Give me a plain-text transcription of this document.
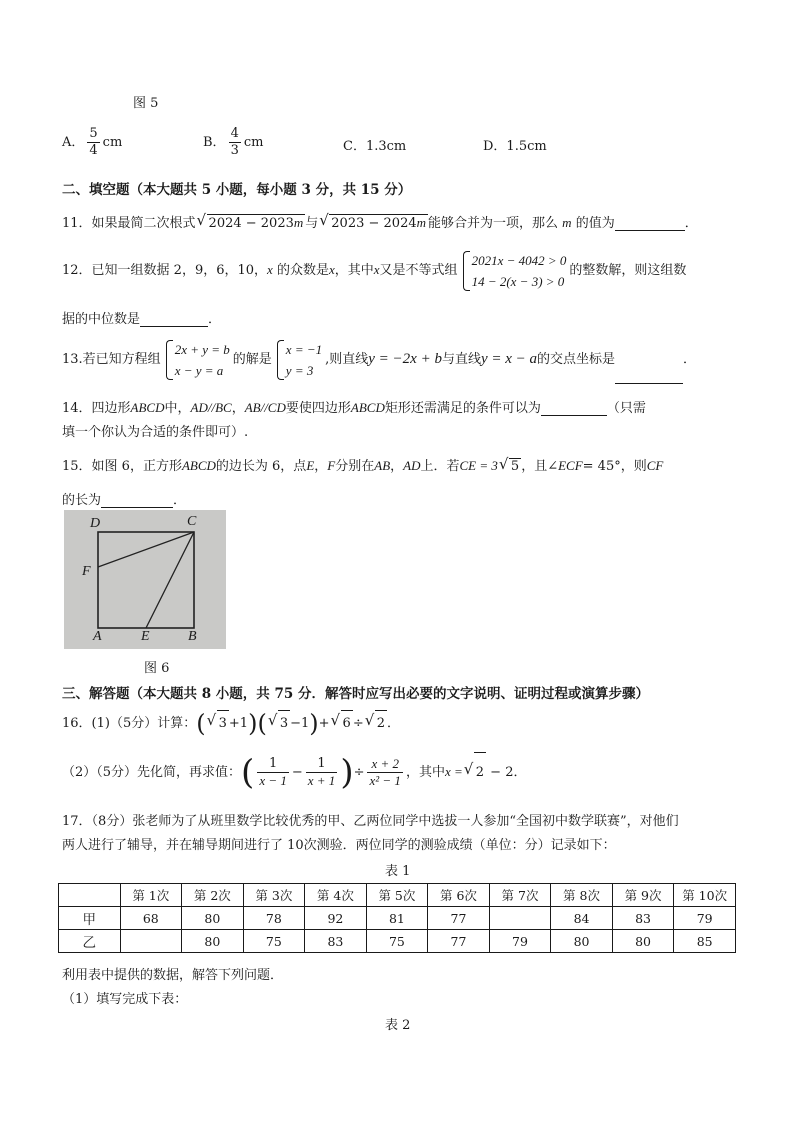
图 5
A． $\frac{5}{4}$ cm	B． $\frac{4}{3}$ cm	C．1.3cm	D．1.5cm
二、填空题（本大题共 5 小题，每小题 3 分，共 15 分）
11．如果最简二次根式 √ 2024 − 2023m 与 √ 2023 − 2024m 能够合并为一项，那么 m 的值为	．
12．已知一组数据 2，9，6，10，x 的众数是x，其中x又是不等式组
2021x − 4042 > 0
14 − 2(x − 3) > 0
的整数解，则这组数
据的中位数是	．
13.若已知方程组
2x + y = b
x − y = a
的解是
x = −1
y = 3
,则直线y = −2x + b与直线y = x − a的交点坐标是	．
14．四边形ABCD中，AD//BC，AB//CD要使四边形ABCD矩形还需满足的条件可以为	（只需
填一个你认为合适的条件即可）.
15．如图 6，正方形ABCD的边长为 6，点E，F分别在AB，AD上．若CE = 3 √ 5 ，且∠ECF= 45°，则CF
的长为	．
D	C
F
A	E	B
图 6
三、解答题（本大题共 8 小题，共 75 分．解答时应写出必要的文字说明、证明过程或演算步骤）
16．(1)（5分）计算：( √ 3 +1)( √ 3 −1)+ √ 6 ÷ √ 2 ．
（2）（5分）先化简，再求值：( $\frac{1}{x - 1} - \frac{1}{x + 1}$ )÷ $\frac{x + 2}{\text{x² − 1}}$ ，其中x = √ 2 − 2．
17．（8分）张老师为了从班里数学比较优秀的甲、乙两位同学中选拔一人参加“全国初中数学联赛”，对他们
两人进行了辅导，并在辅导期间进行了 10次测验．两位同学的测验成绩（单位：分）记录如下：
表 1
	第 1次	第 2次	第 3次	第 4次	第 5次	第 6次	第 7次	第 8次	第 9次	第 10次
甲	68	80	78	92	81	77		84	83	79
乙		80	75	83	75	77	79	80	80	85
利用表中提供的数据，解答下列问题．
（1）填写完成下表：
表 2
